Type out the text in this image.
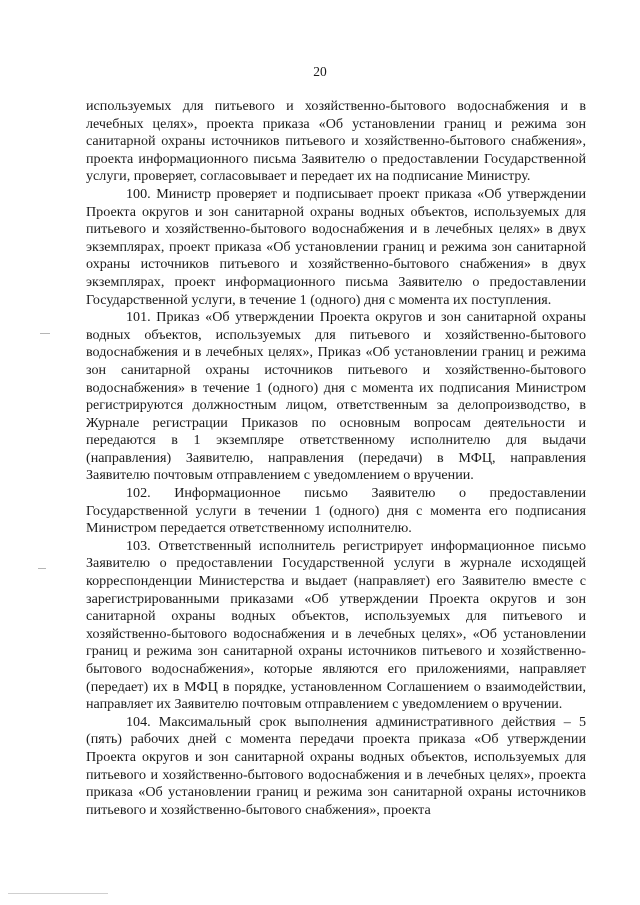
20

используемых для питьевого и хозяйственно-бытового водоснабжения и в лечебных целях», проекта приказа «Об установлении границ и режима зон санитарной охраны источников питьевого и хозяйственно-бытового снабжения», проекта информационного письма Заявителю о предоставлении Государственной услуги, проверяет, согласовывает и передает их на подписание Министру.

100. Министр проверяет и подписывает проект приказа «Об утверждении Проекта округов и зон санитарной охраны водных объектов, используемых для питьевого и хозяйственно-бытового водоснабжения и в лечебных целях» в двух экземплярах, проект приказа «Об установлении границ и режима зон санитарной охраны источников питьевого и хозяйственно-бытового снабжения» в двух экземплярах, проект информационного письма Заявителю о предоставлении Государственной услуги, в течение 1 (одного) дня с момента их поступления.

101. Приказ «Об утверждении Проекта округов и зон санитарной охраны водных объектов, используемых для питьевого и хозяйственно-бытового водоснабжения и в лечебных целях», Приказ «Об установлении границ и режима зон санитарной охраны источников питьевого и хозяйственно-бытового водоснабжения» в течение 1 (одного) дня с момента их подписания Министром регистрируются должностным лицом, ответственным за делопроизводство, в Журнале регистрации Приказов по основным вопросам деятельности и передаются в 1 экземпляре ответственному исполнителю для выдачи (направления) Заявителю, направления (передачи) в МФЦ, направления Заявителю почтовым отправлением с уведомлением о вручении.

102. Информационное письмо Заявителю о предоставлении Государственной услуги в течении 1 (одного) дня с момента его подписания Министром передается ответственному исполнителю.

103. Ответственный исполнитель регистрирует информационное письмо Заявителю о предоставлении Государственной услуги в журнале исходящей корреспонденции Министерства и выдает (направляет) его Заявителю вместе с зарегистрированными приказами «Об утверждении Проекта округов и зон санитарной охраны водных объектов, используемых для питьевого и хозяйственно-бытового водоснабжения и в лечебных целях», «Об установлении границ и режима зон санитарной охраны источников питьевого и хозяйственно-бытового водоснабжения», которые являются его приложениями, направляет (передает) их в МФЦ в порядке, установленном Соглашением о взаимодействии, направляет их Заявителю почтовым отправлением с уведомлением о вручении.

104. Максимальный срок выполнения административного действия – 5 (пять) рабочих дней с момента передачи проекта приказа «Об утверждении Проекта округов и зон санитарной охраны водных объектов, используемых для питьевого и хозяйственно-бытового водоснабжения и в лечебных целях», проекта приказа «Об установлении границ и режима зон санитарной охраны источников питьевого и хозяйственно-бытового снабжения», проекта
